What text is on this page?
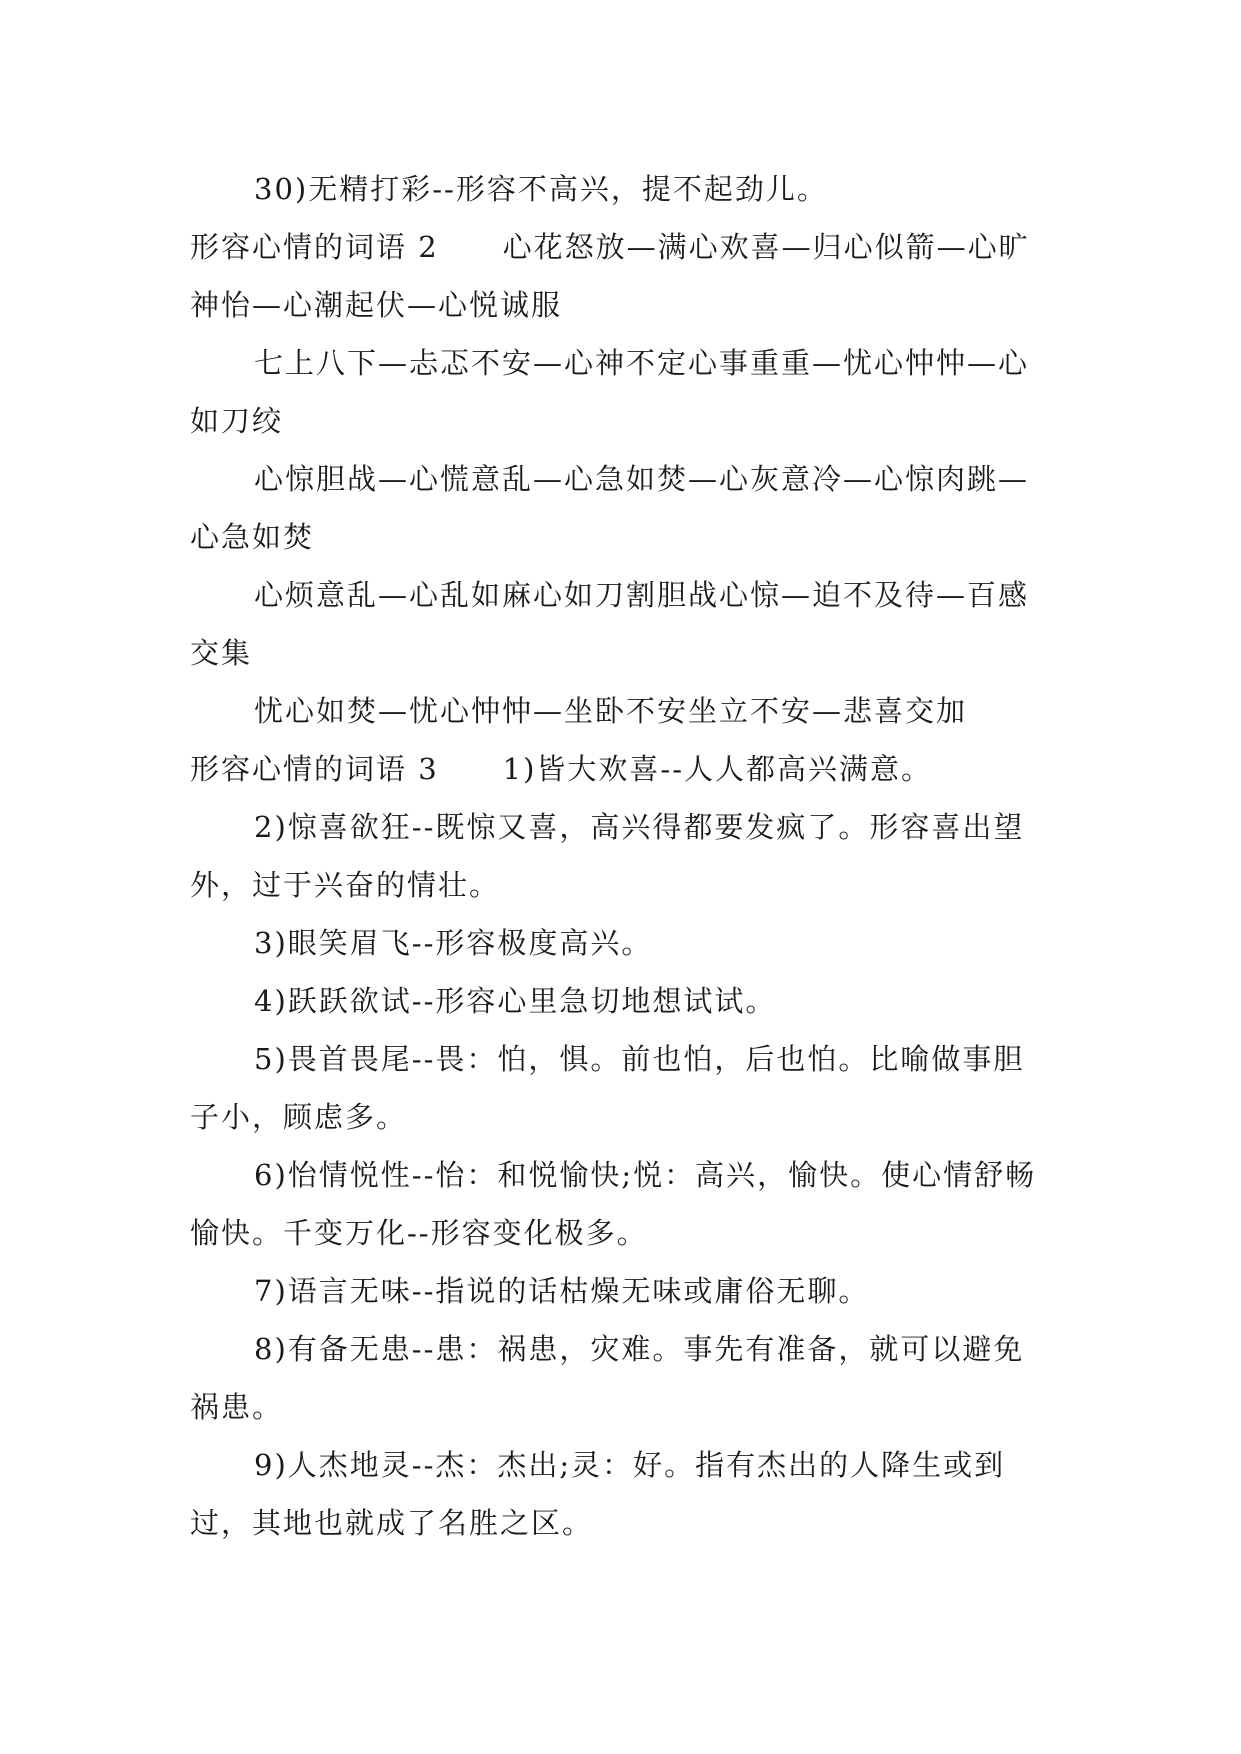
30)无精打彩--形容不高兴，提不起劲儿。

形容心情的词语 2 心花怒放—满心欢喜—归心似箭—心旷神怡—心潮起伏—心悦诚服

七上八下—忐忑不安—心神不定心事重重—忧心忡忡—心如刀绞

心惊胆战—心慌意乱—心急如焚—心灰意冷—心惊肉跳—心急如焚

心烦意乱—心乱如麻心如刀割胆战心惊—迫不及待—百感交集

忧心如焚—忧心忡忡—坐卧不安坐立不安—悲喜交加

形容心情的词语 3 1)皆大欢喜--人人都高兴满意。

2)惊喜欲狂--既惊又喜，高兴得都要发疯了。形容喜出望外，过于兴奋的情壮。

3)眼笑眉飞--形容极度高兴。

4)跃跃欲试--形容心里急切地想试试。

5)畏首畏尾--畏：怕，惧。前也怕，后也怕。比喻做事胆子小，顾虑多。

6)怡情悦性--怡：和悦愉快;悦：高兴，愉快。使心情舒畅愉快。千变万化--形容变化极多。

7)语言无味--指说的话枯燥无味或庸俗无聊。

8)有备无患--患：祸患，灾难。事先有准备，就可以避免祸患。

9)人杰地灵--杰：杰出;灵：好。指有杰出的人降生或到过，其地也就成了名胜之区。
